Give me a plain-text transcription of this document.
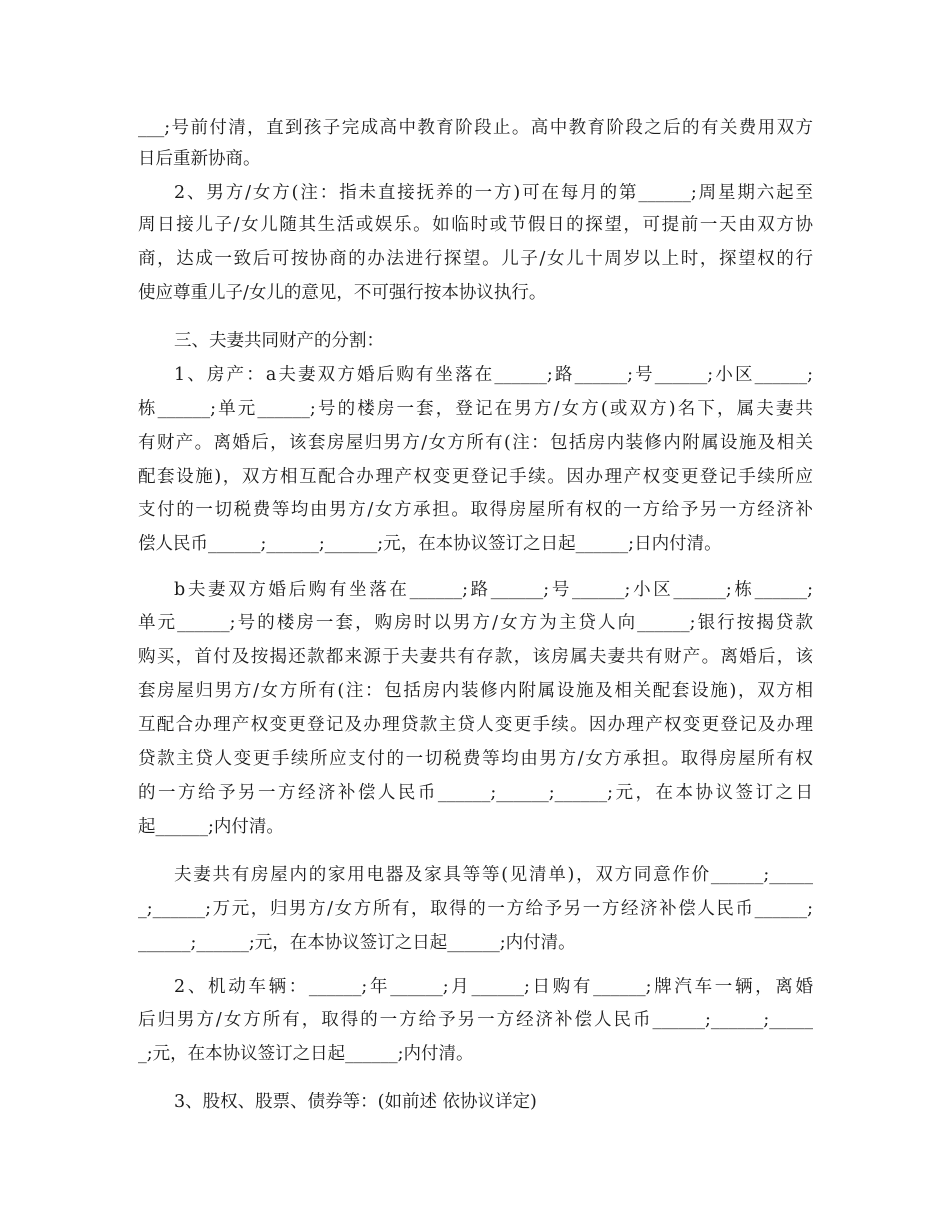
___;号前付清，直到孩子完成高中教育阶段止。高中教育阶段之后的有关费用双方
日后重新协商。
2、男方/女方(注：指未直接抚养的一方)可在每月的第______;周星期六起至
周日接儿子/女儿随其生活或娱乐。如临时或节假日的探望，可提前一天由双方协
商，达成一致后可按协商的办法进行探望。儿子/女儿十周岁以上时，探望权的行
使应尊重儿子/女儿的意见，不可强行按本协议执行。
三、夫妻共同财产的分割：
1、房产：a夫妻双方婚后购有坐落在______;路______;号______;小区______;
栋______;单元______;号的楼房一套，登记在男方/女方(或双方)名下，属夫妻共
有财产。离婚后，该套房屋归男方/女方所有(注：包括房内装修内附属设施及相关
配套设施)，双方相互配合办理产权变更登记手续。因办理产权变更登记手续所应
支付的一切税费等均由男方/女方承担。取得房屋所有权的一方给予另一方经济补
偿人民币______;______;______;元，在本协议签订之日起______;日内付清。
b夫妻双方婚后购有坐落在______;路______;号______;小区______;栋______;
单元______;号的楼房一套，购房时以男方/女方为主贷人向______;银行按揭贷款
购买，首付及按揭还款都来源于夫妻共有存款，该房属夫妻共有财产。离婚后，该
套房屋归男方/女方所有(注：包括房内装修内附属设施及相关配套设施)，双方相
互配合办理产权变更登记及办理贷款主贷人变更手续。因办理产权变更登记及办理
贷款主贷人变更手续所应支付的一切税费等均由男方/女方承担。取得房屋所有权
的一方给予另一方经济补偿人民币______;______;______;元，在本协议签订之日
起______;内付清。
夫妻共有房屋内的家用电器及家具等等(见清单)，双方同意作价______;_____
_;______;万元，归男方/女方所有，取得的一方给予另一方经济补偿人民币______;
______;______;元，在本协议签订之日起______;内付清。
2、机动车辆：______;年______;月______;日购有______;牌汽车一辆，离婚
后归男方/女方所有，取得的一方给予另一方经济补偿人民币______;______;_____
_;元，在本协议签订之日起______;内付清。
3、股权、股票、债券等：(如前述 依协议详定)
